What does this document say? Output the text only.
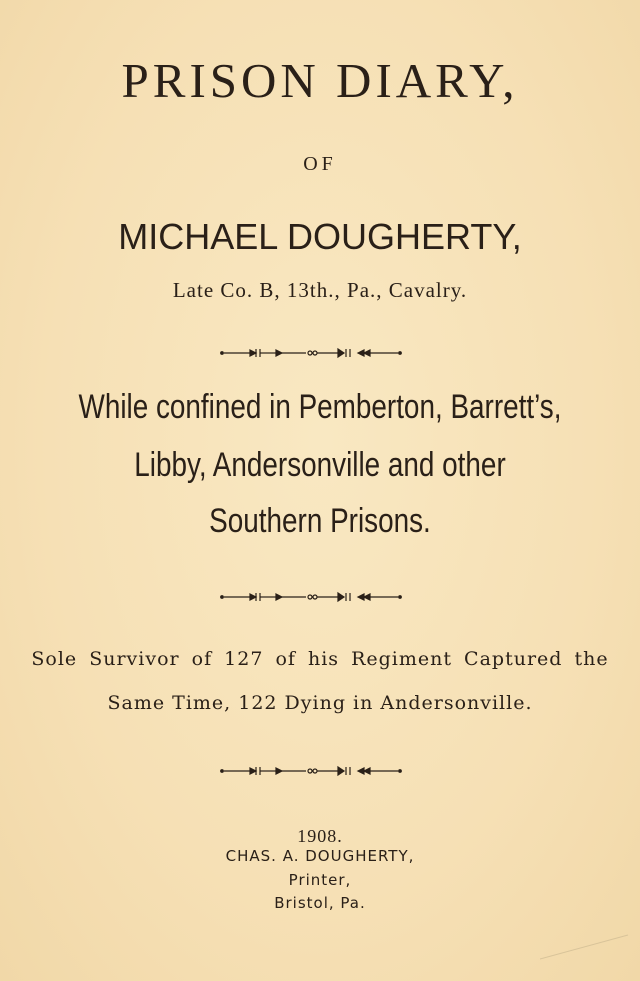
PRISON DIARY,
OF
MICHAEL DOUGHERTY,
Late Co. B, 13th., Pa., Cavalry.
While confined in Pemberton, Barrett’s,
Libby, Andersonville and other
Southern Prisons.
Sole Survivor of 127 of his Regiment Captured the
Same Time, 122 Dying in Andersonville.
1908.
CHAS. A. DOUGHERTY,
Printer,
Bristol, Pa.
